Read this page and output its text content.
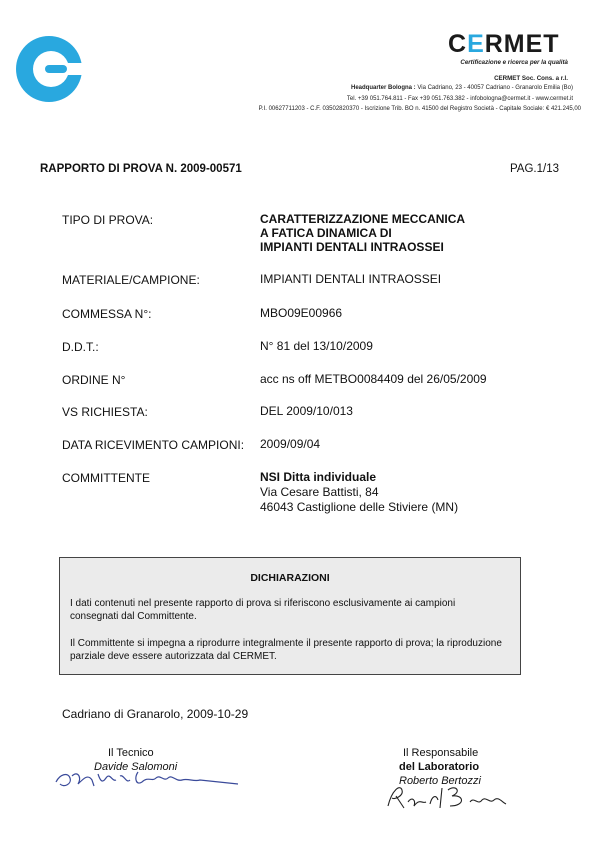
CERMET
Certificazione e ricerca per la qualità
CERMET Soc. Cons. a r.l.
Headquarter Bologna : Via Cadriano, 23 - 40057 Cadriano - Granarolo Emilia (Bo)
Tel. +39 051.764.811 - Fax +39 051.763.382 - infobologna@cermet.it - www.cermet.it
P.I. 00627711203 - C.F. 03502820370 - Iscrizione Trib. BO n. 41500 del Registro Società - Capitale Sociale: € 421.245,00
RAPPORTO DI PROVA N. 2009-00571	PAG.1/13
TIPO DI PROVA:	CARATTERIZZAZIONE MECCANICA
A FATICA DINAMICA DI
IMPIANTI DENTALI INTRAOSSEI
MATERIALE/CAMPIONE:	IMPIANTI DENTALI INTRAOSSEI
COMMESSA N°:	MBO09E00966
D.D.T.:	N° 81 del 13/10/2009
ORDINE N°	acc ns off METBO0084409 del 26/05/2009
VS RICHIESTA:	DEL 2009/10/013
DATA RICEVIMENTO CAMPIONI: 2009/09/04
COMMITTENTE	NSI Ditta individuale
Via Cesare Battisti, 84
46043 Castiglione delle Stiviere (MN)
DICHIARAZIONI
I dati contenuti nel presente rapporto di prova si riferiscono esclusivamente ai campioni consegnati dal Committente.
Il Committente si impegna a riprodurre integralmente il presente rapporto di prova; la riproduzione parziale deve essere autorizzata dal CERMET.
Cadriano di Granarolo, 2009-10-29
Il Tecnico
Davide Salomoni
Il Responsabile
del Laboratorio
Roberto Bertozzi
